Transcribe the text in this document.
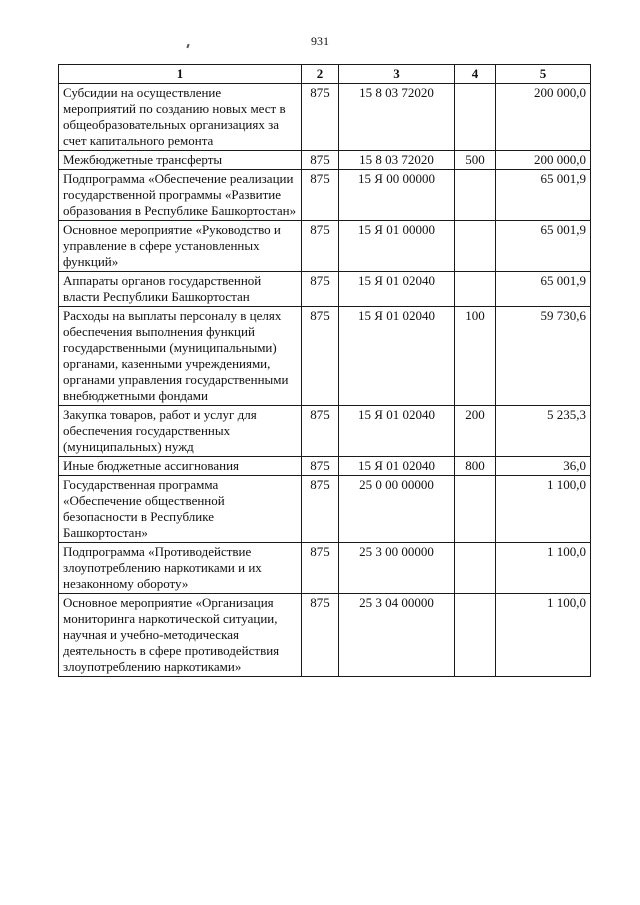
931
1	2	3	4	5
Субсидии на осуществление мероприятий по созданию новых мест в общеобразовательных организациях за счет капитального ремонта	875	15 8 03 72020		200 000,0
Межбюджетные трансферты	875	15 8 03 72020	500	200 000,0
Подпрограмма «Обеспечение реализации государственной программы «Развитие образования в Республике Башкортостан»	875	15 Я 00 00000		65 001,9
Основное мероприятие «Руководство и управление в сфере установленных функций»	875	15 Я 01 00000		65 001,9
Аппараты органов государственной власти Республики Башкортостан	875	15 Я 01 02040		65 001,9
Расходы на выплаты персоналу в целях обеспечения выполнения функций государственными (муниципальными) органами, казенными учреждениями, органами управления государственными внебюджетными фондами	875	15 Я 01 02040	100	59 730,6
Закупка товаров, работ и услуг для обеспечения государственных (муниципальных) нужд	875	15 Я 01 02040	200	5 235,3
Иные бюджетные ассигнования	875	15 Я 01 02040	800	36,0
Государственная программа «Обеспечение общественной безопасности в Республике Башкортостан»	875	25 0 00 00000		1 100,0
Подпрограмма «Противодействие злоупотреблению наркотиками и их незаконному обороту»	875	25 3 00 00000		1 100,0
Основное мероприятие «Организация мониторинга наркотической ситуации, научная и учебно-методическая деятельность в сфере противодействия злоупотреблению наркотиками»	875	25 3 04 00000		1 100,0
